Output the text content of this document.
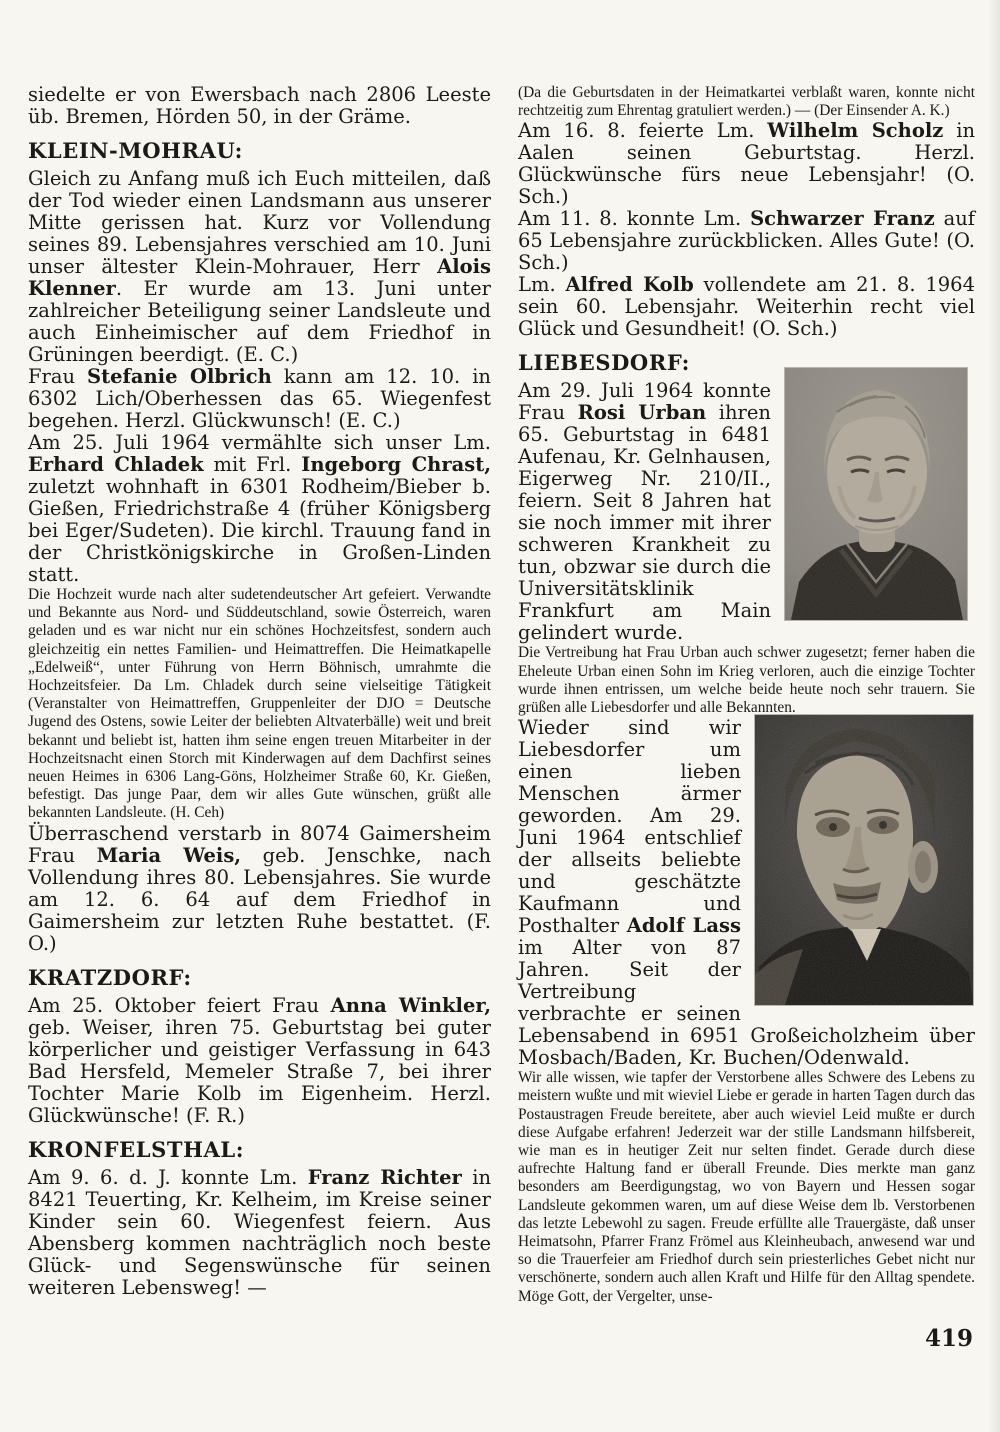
siedelte er von Ewersbach nach 2806 Leeste üb. Bremen, Hörden 50, in der Gräme.

KLEIN-MOHRAU:

Gleich zu Anfang muß ich Euch mitteilen, daß der Tod wieder einen Landsmann aus unserer Mitte gerissen hat. Kurz vor Vollendung seines 89. Lebensjahres verschied am 10. Juni unser ältester Klein-Mohrauer, Herr Alois Klenner. Er wurde am 13. Juni unter zahlreicher Beteiligung seiner Landsleute und auch Einheimischer auf dem Friedhof in Grüningen beerdigt. (E. C.)

Frau Stefanie Olbrich kann am 12. 10. in 6302 Lich/Oberhessen das 65. Wiegenfest begehen. Herzl. Glückwunsch! (E. C.)

Am 25. Juli 1964 vermählte sich unser Lm. Erhard Chladek mit Frl. Ingeborg Chrast, zuletzt wohnhaft in 6301 Rodheim/Bieber b. Gießen, Friedrichstraße 4 (früher Königsberg bei Eger/Sudeten). Die kirchl. Trauung fand in der Christkönigskirche in Großen-Linden statt.

Die Hochzeit wurde nach alter sudetendeutscher Art gefeiert. Verwandte und Bekannte aus Nord- und Süddeutschland, sowie Österreich, waren geladen und es war nicht nur ein schönes Hochzeitsfest, sondern auch gleichzeitig ein nettes Familien- und Heimattreffen. Die Heimatkapelle „Edelweiß“, unter Führung von Herrn Böhnisch, umrahmte die Hochzeitsfeier. Da Lm. Chladek durch seine vielseitige Tätigkeit (Veranstalter von Heimattreffen, Gruppenleiter der DJO = Deutsche Jugend des Ostens, sowie Leiter der beliebten Altvaterbälle) weit und breit bekannt und beliebt ist, hatten ihm seine engen treuen Mitarbeiter in der Hochzeitsnacht einen Storch mit Kinderwagen auf dem Dachfirst seines neuen Heimes in 6306 Lang-Göns, Holzheimer Straße 60, Kr. Gießen, befestigt. Das junge Paar, dem wir alles Gute wünschen, grüßt alle bekannten Landsleute. (H. Ceh)

Überraschend verstarb in 8074 Gaimersheim Frau Maria Weis, geb. Jenschke, nach Vollendung ihres 80. Lebensjahres. Sie wurde am 12. 6. 64 auf dem Friedhof in Gaimersheim zur letzten Ruhe bestattet. (F. O.)

KRATZDORF:

Am 25. Oktober feiert Frau Anna Winkler, geb. Weiser, ihren 75. Geburtstag bei guter körperlicher und geistiger Verfassung in 643 Bad Hersfeld, Memeler Straße 7, bei ihrer Tochter Marie Kolb im Eigenheim. Herzl. Glückwünsche! (F. R.)

KRONFELSTHAL:

Am 9. 6. d. J. konnte Lm. Franz Richter in 8421 Teuerting, Kr. Kelheim, im Kreise seiner Kinder sein 60. Wiegenfest feiern. Aus Abensberg kommen nachträglich noch beste Glück- und Segenswünsche für seinen weiteren Lebensweg! —

(Da die Geburtsdaten in der Heimatkartei verblaßt waren, konnte nicht rechtzeitig zum Ehrentag gratuliert werden.) — (Der Einsender A. K.)

Am 16. 8. feierte Lm. Wilhelm Scholz in Aalen seinen Geburtstag. Herzl. Glückwünsche fürs neue Lebensjahr! (O. Sch.)

Am 11. 8. konnte Lm. Schwarzer Franz auf 65 Lebensjahre zurückblicken. Alles Gute! (O. Sch.)

Lm. Alfred Kolb vollendete am 21. 8. 1964 sein 60. Lebensjahr. Weiterhin recht viel Glück und Gesundheit! (O. Sch.)

LIEBESDORF:

Am 29. Juli 1964 konnte Frau Rosi Urban ihren 65. Geburtstag in 6481 Aufenau, Kr. Gelnhausen, Eigerweg Nr. 210/II., feiern. Seit 8 Jahren hat sie noch immer mit ihrer schweren Krankheit zu tun, obzwar sie durch die Universitätsklinik Frankfurt am Main gelindert wurde.

Die Vertreibung hat Frau Urban auch schwer zugesetzt; ferner haben die Eheleute Urban einen Sohn im Krieg verloren, auch die einzige Tochter wurde ihnen entrissen, um welche beide heute noch sehr trauern. Sie grüßen alle Liebesdorfer und alle Bekannten.

Wieder sind wir Liebesdorfer um einen lieben Menschen ärmer geworden. Am 29. Juni 1964 entschlief der allseits beliebte und geschätzte Kaufmann und Posthalter Adolf Lass im Alter von 87 Jahren. Seit der Vertreibung verbrachte er seinen Lebensabend in 6951 Großeicholzheim über Mosbach/Baden, Kr. Buchen/Odenwald.

Wir alle wissen, wie tapfer der Verstorbene alles Schwere des Lebens zu meistern wußte und mit wieviel Liebe er gerade in harten Tagen durch das Postaustragen Freude bereitete, aber auch wieviel Leid mußte er durch diese Aufgabe erfahren! Jederzeit war der stille Landsmann hilfsbereit, wie man es in heutiger Zeit nur selten findet. Gerade durch diese aufrechte Haltung fand er überall Freunde. Dies merkte man ganz besonders am Beerdigungstag, wo von Bayern und Hessen sogar Landsleute gekommen waren, um auf diese Weise dem lb. Verstorbenen das letzte Lebewohl zu sagen. Freude erfüllte alle Trauergäste, daß unser Heimatsohn, Pfarrer Franz Frömel aus Kleinheubach, anwesend war und so die Trauerfeier am Friedhof durch sein priesterliches Gebet nicht nur verschönerte, sondern auch allen Kraft und Hilfe für den Alltag spendete. Möge Gott, der Vergelter, unse-

419
